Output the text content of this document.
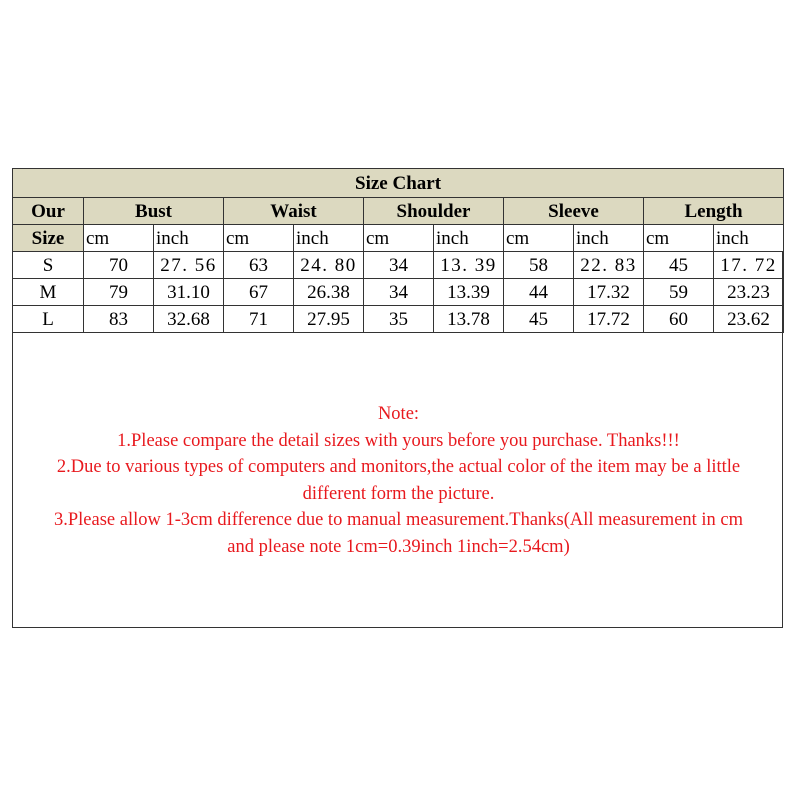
Size Chart										
Our	Bust		Waist		Shoulder		Sleeve		Length	
Size	cm	inch	cm	inch	cm	inch	cm	inch	cm	inch
S	70	27. 56	63	24. 80	34	13. 39	58	22. 83	45	17. 72
M	79	31.10	67	26.38	34	13.39	44	17.32	59	23.23
L	83	32.68	71	27.95	35	13.78	45	17.72	60	23.62
Note:
1.Please compare the detail sizes with yours before you purchase. Thanks!!!
2.Due to various types of computers and monitors,the actual color of the item may be a little
different form the picture.
3.Please allow 1-3cm difference due to manual measurement.Thanks(All measurement in cm
and please note 1cm=0.39inch 1inch=2.54cm)
